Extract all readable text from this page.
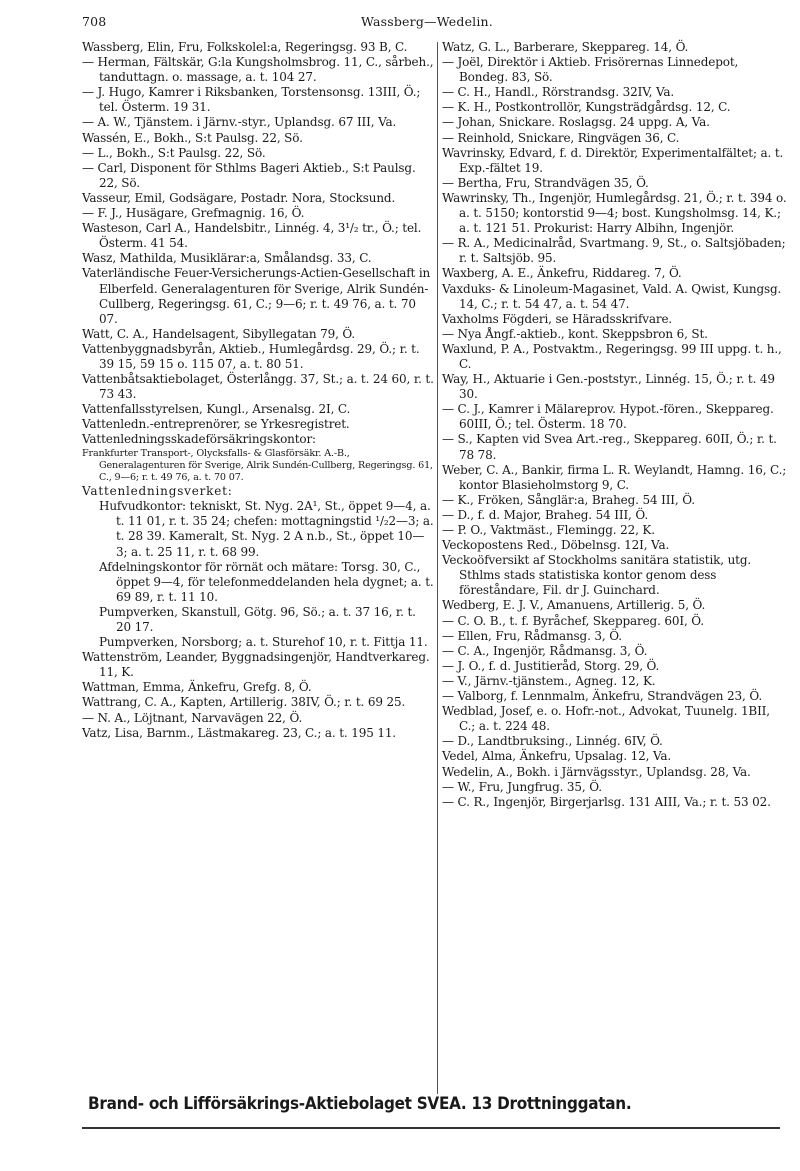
708	Wassberg—Wedelin.

Wassberg, Elin, Fru, Folkskolel:a, Regeringsg. 93 B, C.

— Herman, Fältskär, G:la Kungsholmsbrog. 11, C., sårbeh., tanduttagn. o. massage, a. t. 104 27.

— J. Hugo, Kamrer i Riksbanken, Torstensonsg. 13III, Ö.; tel. Österm. 19 31.

— A. W., Tjänstem. i Järnv.-styr., Uplandsg. 67 III, Va.

Wassén, E., Bokh., S:t Paulsg. 22, Sö.

— L., Bokh., S:t Paulsg. 22, Sö.

— Carl, Disponent för Sthlms Bageri Aktieb., S:t Paulsg. 22, Sö.

Vasseur, Emil, Godsägare, Postadr. Nora, Stocksund.

— F. J., Husägare, Grefmagnig. 16, Ö.

Wasteson, Carl A., Handelsbitr., Linnég. 4, 3¹/₂ tr., Ö.; tel. Österm. 41 54.

Wasz, Mathilda, Musiklärar:a, Smålandsg. 33, C.

Vaterländische Feuer-Versicherungs-Actien-Gesellschaft in Elberfeld. Generalagenturen för Sverige, Alrik Sundén-Cullberg, Regeringsg. 61, C.; 9—6; r. t. 49 76, a. t. 70 07.

Watt, C. A., Handelsagent, Sibyllegatan 79, Ö.

Vattenbyggnadsbyrån, Aktieb., Humlegårdsg. 29, Ö.; r. t. 39 15, 59 15 o. 115 07, a. t. 80 51.

Vattenbåtsaktiebolaget, Österlångg. 37, St.; a. t. 24 60, r. t. 73 43.

Vattenfallsstyrelsen, Kungl., Arsenalsg. 2I, C.

Vattenledn.-entreprenörer, se Yrkesregistret.

Vattenledningsskadeförsäkringskontor:

Frankfurter Transport-, Olycksfalls- & Glasförsäkr. A.-B., Generalagenturen för Sverige, Alrik Sundén-Cullberg, Regeringsg. 61, C., 9—6; r. t. 49 76, a. t. 70 07.

Vattenledningsverket:

Hufvudkontor: tekniskt, St. Nyg. 2A¹, St., öppet 9—4, a. t. 11 01, r. t. 35 24; chefen: mottagningstid ¹/₂2—3; a. t. 28 39. Kameralt, St. Nyg. 2 A n.b., St., öppet 10—3; a. t. 25 11, r. t. 68 99.

Afdelningskontor för rörnät och mätare: Torsg. 30, C., öppet 9—4, för telefonmeddelanden hela dygnet; a. t. 69 89, r. t. 11 10.

Pumpverken, Skanstull, Götg. 96, Sö.; a. t. 37 16, r. t. 20 17.

Pumpverken, Norsborg; a. t. Sturehof 10, r. t. Fittja 11.

Wattenström, Leander, Byggnadsingenjör, Handtverkareg. 11, K.

Wattman, Emma, Änkefru, Grefg. 8, Ö.

Wattrang, C. A., Kapten, Artillerig. 38IV, Ö.; r. t. 69 25.

— N. A., Löjtnant, Narvavägen 22, Ö.

Vatz, Lisa, Barnm., Lästmakareg. 23, C.; a. t. 195 11.

Watz, G. L., Barberare, Skeppareg. 14, Ö.

— Joël, Direktör i Aktieb. Frisörernas Linnedepot, Bondeg. 83, Sö.

— C. H., Handl., Rörstrandsg. 32IV, Va.

— K. H., Postkontrollör, Kungsträdgårdsg. 12, C.

— Johan, Snickare. Roslagsg. 24 uppg. A, Va.

— Reinhold, Snickare, Ringvägen 36, C.

Wavrinsky, Edvard, f. d. Direktör, Experimentalfältet; a. t. Exp.-fältet 19.

— Bertha, Fru, Strandvägen 35, Ö.

Wawrinsky, Th., Ingenjör, Humlegårdsg. 21, Ö.; r. t. 394 o. a. t. 5150; kontorstid 9—4; bost. Kungsholmsg. 14, K.; a. t. 121 51. Prokurist: Harry Albihn, Ingenjör.

— R. A., Medicinalråd, Svartmang. 9, St., o. Saltsjöbaden; r. t. Saltsjöb. 95.

Waxberg, A. E., Änkefru, Riddareg. 7, Ö.

Vaxduks- & Linoleum-Magasinet, Vald. A. Qwist, Kungsg. 14, C.; r. t. 54 47, a. t. 54 47.

Vaxholms Fögderi, se Häradsskrifvare.

— Nya Ångf.-aktieb., kont. Skeppsbron 6, St.

Waxlund, P. A., Postvaktm., Regeringsg. 99 III uppg. t. h., C.

Way, H., Aktuarie i Gen.-poststyr., Linnég. 15, Ö.; r. t. 49 30.

— C. J., Kamrer i Mälareprov. Hypot.-fören., Skeppareg. 60III, Ö.; tel. Österm. 18 70.

— S., Kapten vid Svea Art.-reg., Skeppareg. 60II, Ö.; r. t. 78 78.

Weber, C. A., Bankir, firma L. R. Weylandt, Hamng. 16, C.; kontor Blasieholmstorg 9, C.

— K., Fröken, Sånglär:a, Braheg. 54 III, Ö.

— D., f. d. Major, Braheg. 54 III, Ö.

— P. O., Vaktmäst., Flemingg. 22, K.

Veckopostens Red., Döbelnsg. 12I, Va.

Veckoöfversikt af Stockholms sanitära statistik, utg. Sthlms stads statistiska kontor genom dess föreståndare, Fil. dr J. Guinchard.

Wedberg, E. J. V., Amanuens, Artillerig. 5, Ö.

— C. O. B., t. f. Byråchef, Skeppareg. 60I, Ö.

— Ellen, Fru, Rådmansg. 3, Ö.

— C. A., Ingenjör, Rådmansg. 3, Ö.

— J. O., f. d. Justitieråd, Storg. 29, Ö.

— V., Järnv.-tjänstem., Agneg. 12, K.

— Valborg, f. Lennmalm, Änkefru, Strandvägen 23, Ö.

Wedblad, Josef, e. o. Hofr.-not., Advokat, Tuunelg. 1BII, C.; a. t. 224 48.

— D., Landtbruksing., Linnég. 6IV, Ö.

Vedel, Alma, Änkefru, Upsalag. 12, Va.

Wedelin, A., Bokh. i Järnvägsstyr., Uplandsg. 28, Va.

— W., Fru, Jungfrug. 35, Ö.

— C. R., Ingenjör, Birgerjarlsg. 131 AIII, Va.; r. t. 53 02.

Brand- och Lifförsäkrings-Aktiebolaget SVEA. 13 Drottninggatan.
